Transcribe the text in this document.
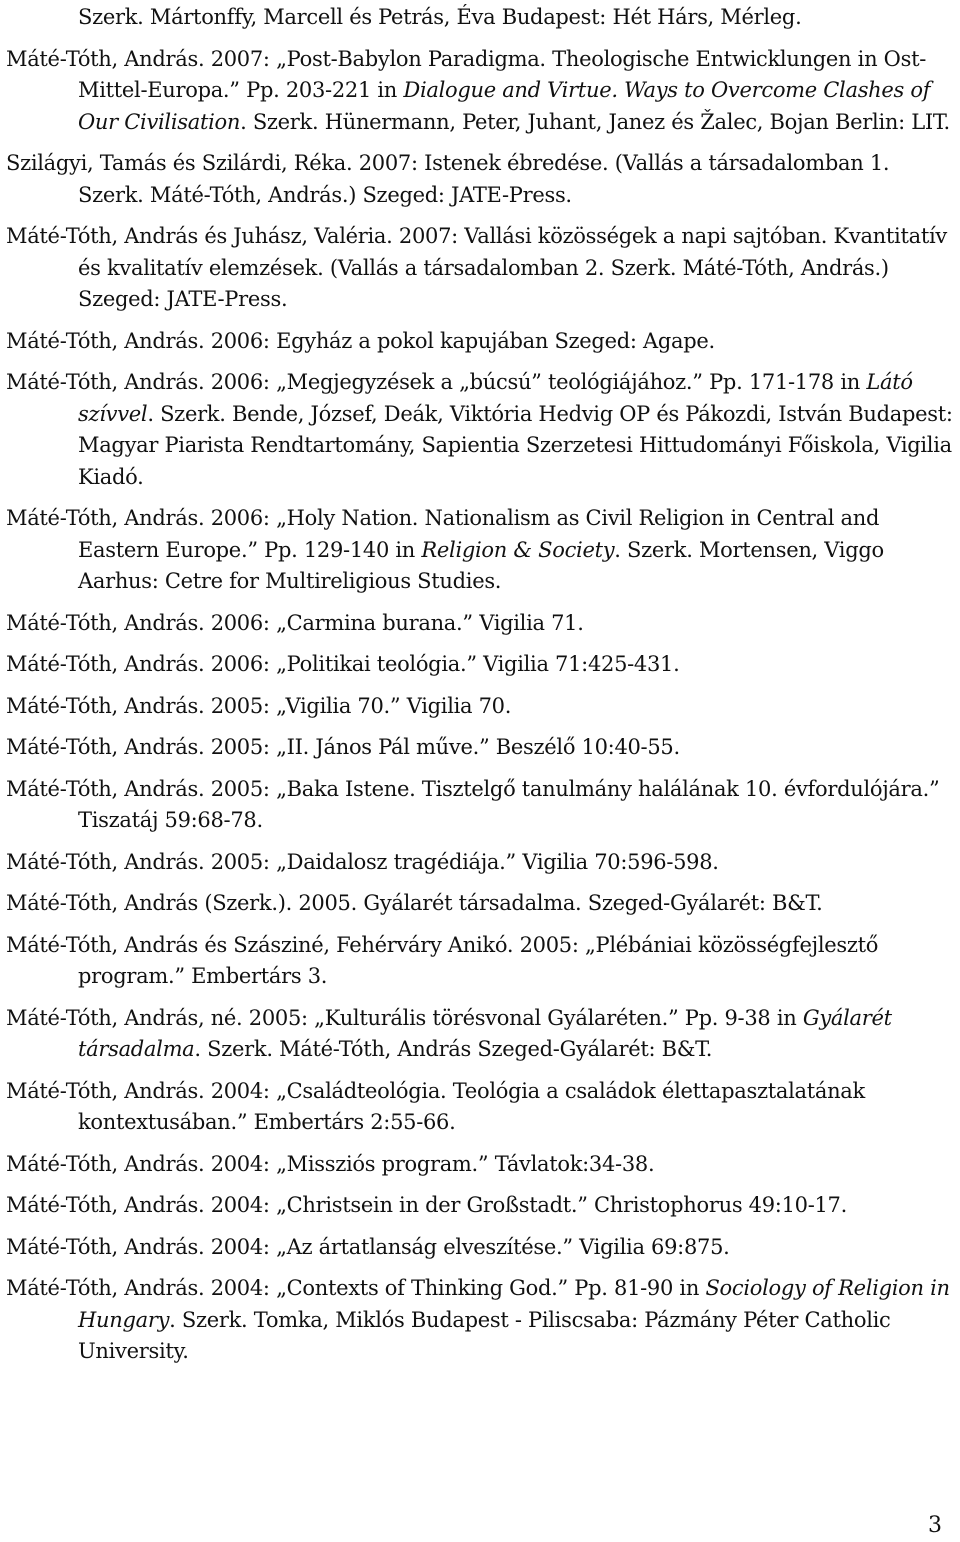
Szerk. Mártonffy, Marcell és Petrás, Éva Budapest: Hét Hárs, Mérleg.

Máté-Tóth, András. 2007: „Post-Babylon Paradigma. Theologische Entwicklungen in Ost-Mittel-Europa.” Pp. 203-221 in Dialogue and Virtue. Ways to Overcome Clashes of Our Civilisation. Szerk. Hünermann, Peter, Juhant, Janez és Žalec, Bojan Berlin: LIT.

Szilágyi, Tamás és Szilárdi, Réka. 2007: Istenek ébredése. (Vallás a társadalomban 1. Szerk. Máté-Tóth, András.) Szeged: JATE-Press.

Máté-Tóth, András és Juhász, Valéria. 2007: Vallási közösségek a napi sajtóban. Kvantitatív és kvalitatív elemzések. (Vallás a társadalomban 2. Szerk. Máté-Tóth, András.) Szeged: JATE-Press.

Máté-Tóth, András. 2006: Egyház a pokol kapujában Szeged: Agape.

Máté-Tóth, András. 2006: „Megjegyzések a „búcsú” teológiájához.” Pp. 171-178 in Látó szívvel. Szerk. Bende, József, Deák, Viktória Hedvig OP és Pákozdi, István Budapest: Magyar Piarista Rendtartomány, Sapientia Szerzetesi Hittudományi Főiskola, Vigilia Kiadó.

Máté-Tóth, András. 2006: „Holy Nation. Nationalism as Civil Religion in Central and Eastern Europe.” Pp. 129-140 in Religion & Society. Szerk. Mortensen, Viggo Aarhus: Cetre for Multireligious Studies.

Máté-Tóth, András. 2006: „Carmina burana.” Vigilia 71.

Máté-Tóth, András. 2006: „Politikai teológia.” Vigilia 71:425-431.

Máté-Tóth, András. 2005: „Vigilia 70.” Vigilia 70.

Máté-Tóth, András. 2005: „II. János Pál műve.” Beszélő 10:40-55.

Máté-Tóth, András. 2005: „Baka Istene. Tisztelgő tanulmány halálának 10. évfordulójára.” Tiszatáj 59:68-78.

Máté-Tóth, András. 2005: „Daidalosz tragédiája.” Vigilia 70:596-598.

Máté-Tóth, András (Szerk.). 2005. Gyálarét társadalma. Szeged-Gyálarét: B&T.

Máté-Tóth, András és Szásziné, Fehérváry Anikó. 2005: „Plébániai közösségfejlesztő program.” Embertárs 3.

Máté-Tóth, András, né. 2005: „Kulturális törésvonal Gyálaréten.” Pp. 9-38 in Gyálarét társadalma. Szerk. Máté-Tóth, András Szeged-Gyálarét: B&T.

Máté-Tóth, András. 2004: „Családteológia. Teológia a családok élettapasztalatának kontextusában.” Embertárs 2:55-66.

Máté-Tóth, András. 2004: „Missziós program.” Távlatok:34-38.

Máté-Tóth, András. 2004: „Christsein in der Großstadt.” Christophorus 49:10-17.

Máté-Tóth, András. 2004: „Az ártatlanság elveszítése.” Vigilia 69:875.

Máté-Tóth, András. 2004: „Contexts of Thinking God.” Pp. 81-90 in Sociology of Religion in Hungary. Szerk. Tomka, Miklós Budapest - Piliscsaba: Pázmány Péter Catholic University.

3
